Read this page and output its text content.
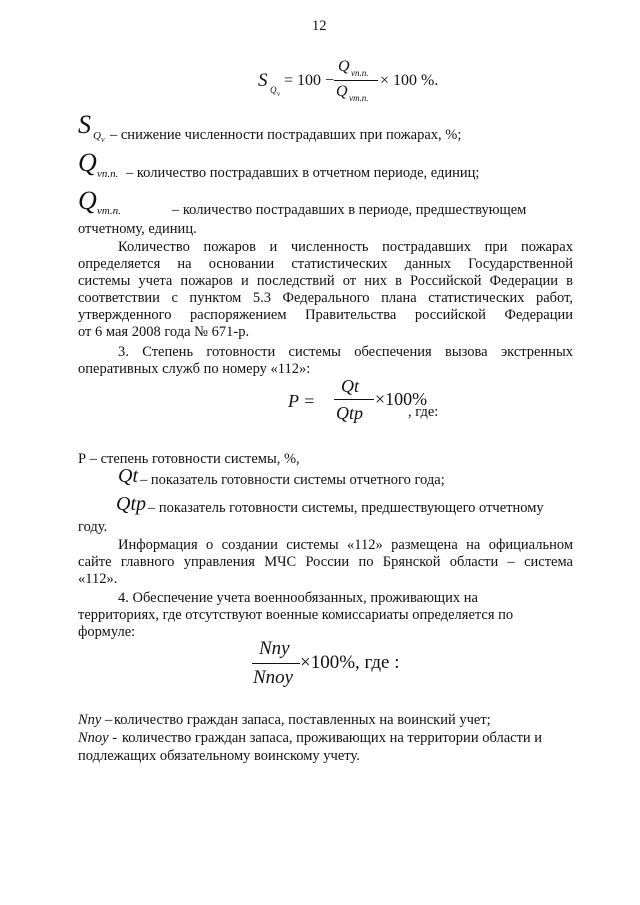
12
S Q v
= 100 −
Q vn.n.
Q vm.n.
× 100 %.
S Q v – снижение численности пострадавших при пожарах, %;
Q vn.n. – количество пострадавших в отчетном периоде, единиц;
Q vm.n.	– количество пострадавших в периоде, предшествующем
отчетному, единиц.
Количество пожаров и численность пострадавших при пожарах
определяется на основании статистических данных Государственной
системы учета пожаров и последствий от них в Российской Федерации в
соответствии с пунктом 5.3 Федерального плана статистических работ,
утвержденного распоряжением Правительства российской Федерации
от 6 мая 2008 года № 671-р.
3. Степень готовности системы обеспечения вызова экстренных
оперативных служб по номеру «112»:
P =
Qt
Qtp
×100%
, где:
Р – степень готовности системы, %,
Qt – показатель готовности системы отчетного года;
Qtp – показатель готовности системы, предшествующего отчетному
году.
Информация о создании системы «112» размещена на официальном
сайте главного управления МЧС России по Брянской области – система
«112».
4. Обеспечение учета военнообязанных, проживающих на
территориях, где отсутствуют военные комиссариаты определяется по
формуле:
Nny
Nnoy
×100%, где :
Nny – количество граждан запаса, поставленных на воинский учет;
Nnoy - количество граждан запаса, проживающих на территории области и
подлежащих обязательному воинскому учету.
